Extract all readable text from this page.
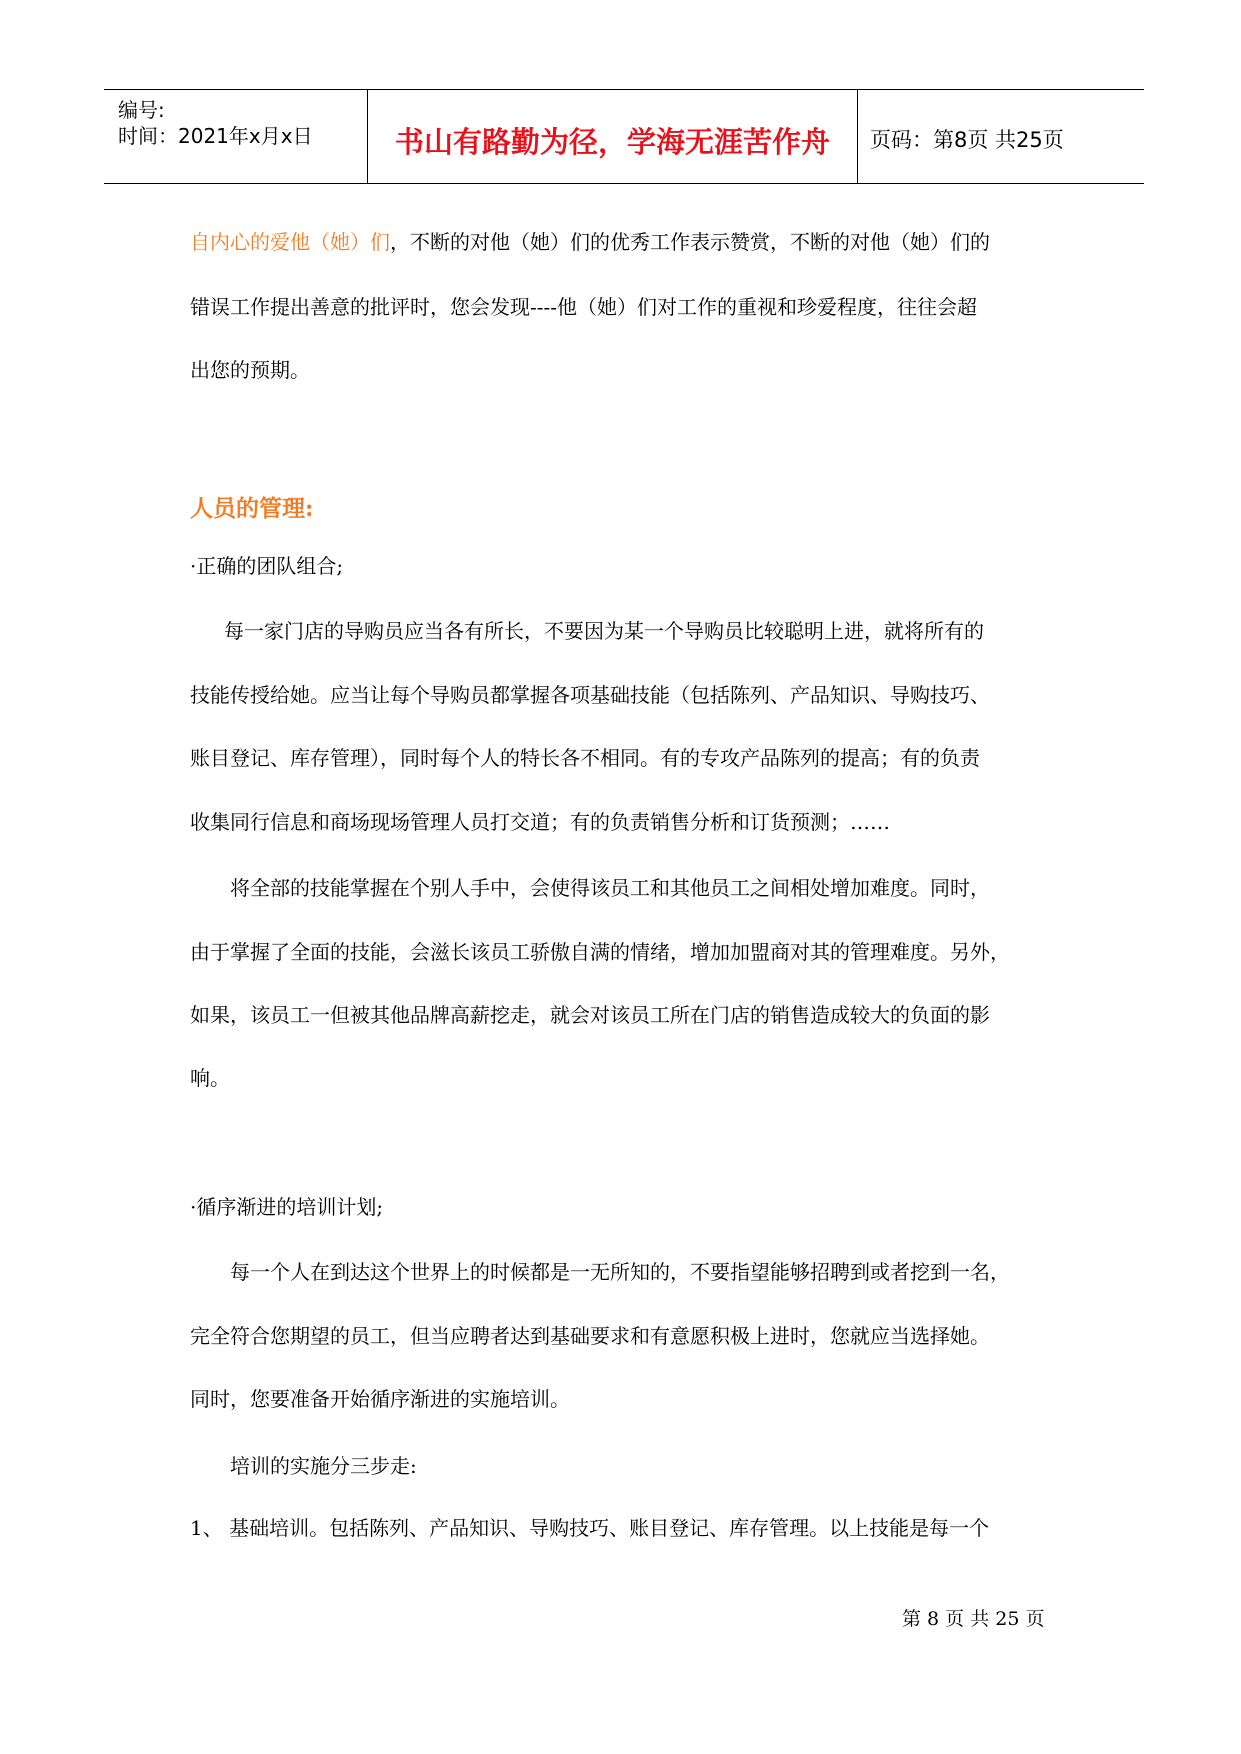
编号:
时间：2021年x月x日	书山有路勤为径，学海无涯苦作舟	页码：第8页 共25页
自内心的爱他（她）们，不断的对他（她）们的优秀工作表示赞赏，不断的对他（她）们的
错误工作提出善意的批评时，您会发现----他（她）们对工作的重视和珍爱程度，往往会超
出您的预期。
人员的管理:
·正确的团队组合;
每一家门店的导购员应当各有所长，不要因为某一个导购员比较聪明上进，就将所有的
技能传授给她。应当让每个导购员都掌握各项基础技能（包括陈列、产品知识、导购技巧、
账目登记、库存管理），同时每个人的特长各不相同。有的专攻产品陈列的提高；有的负责
收集同行信息和商场现场管理人员打交道；有的负责销售分析和订货预测；……
将全部的技能掌握在个别人手中，会使得该员工和其他员工之间相处增加难度。同时，
由于掌握了全面的技能，会滋长该员工骄傲自满的情绪，增加加盟商对其的管理难度。另外，
如果，该员工一但被其他品牌高薪挖走，就会对该员工所在门店的销售造成较大的负面的影
响。
·循序渐进的培训计划;
每一个人在到达这个世界上的时候都是一无所知的，不要指望能够招聘到或者挖到一名，
完全符合您期望的员工，但当应聘者达到基础要求和有意愿积极上进时，您就应当选择她。
同时，您要准备开始循序渐进的实施培训。
培训的实施分三步走:
1、 基础培训。包括陈列、产品知识、导购技巧、账目登记、库存管理。以上技能是每一个
第 8 页 共 25 页
